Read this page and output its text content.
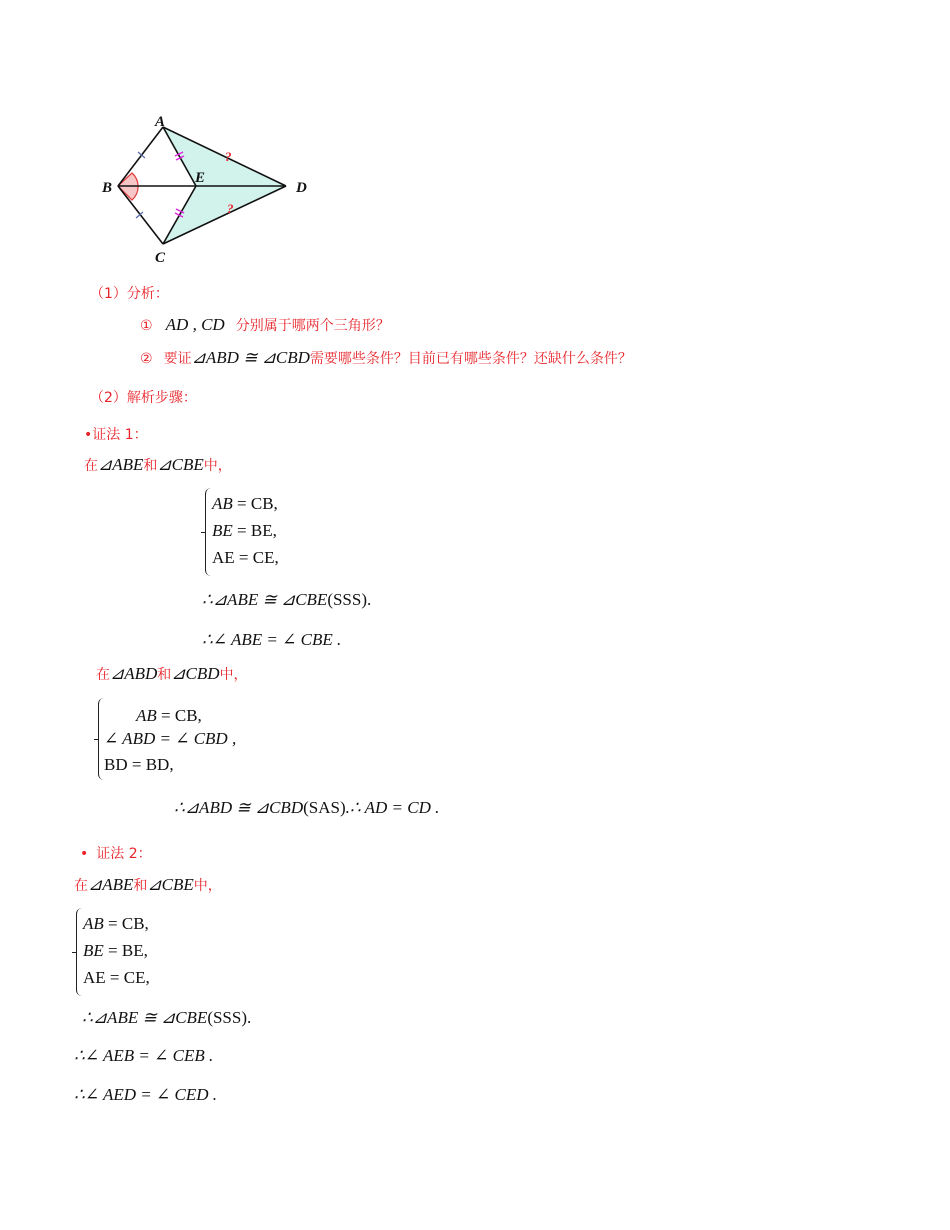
A
B
C
D
E
?
?
（1）分析：
① AD , CD 分别属于哪两个三角形？
② 要证⊿ABD ≅ ⊿CBD需要哪些条件？目前已有哪些条件？还缺什么条件？
（2）解析步骤：
•证法 1：
在⊿ABE和⊿CBE中，
AB = CB,
BE = BE,
AE = CE,
∴⊿ABE ≅ ⊿CBE(SSS).
∴∠ ABE = ∠ CBE .
在⊿ABD和⊿CBD中，
AB = CB,
∠ ABD = ∠ CBD ,
BD = BD,
∴⊿ABD ≅ ⊿CBD(SAS).∴ AD = CD .
• 证法 2：
在⊿ABE和⊿CBE中，
AB = CB,
BE = BE,
AE = CE,
∴⊿ABE ≅ ⊿CBE(SSS).
∴∠ AEB = ∠ CEB .
∴∠ AED = ∠ CED .
